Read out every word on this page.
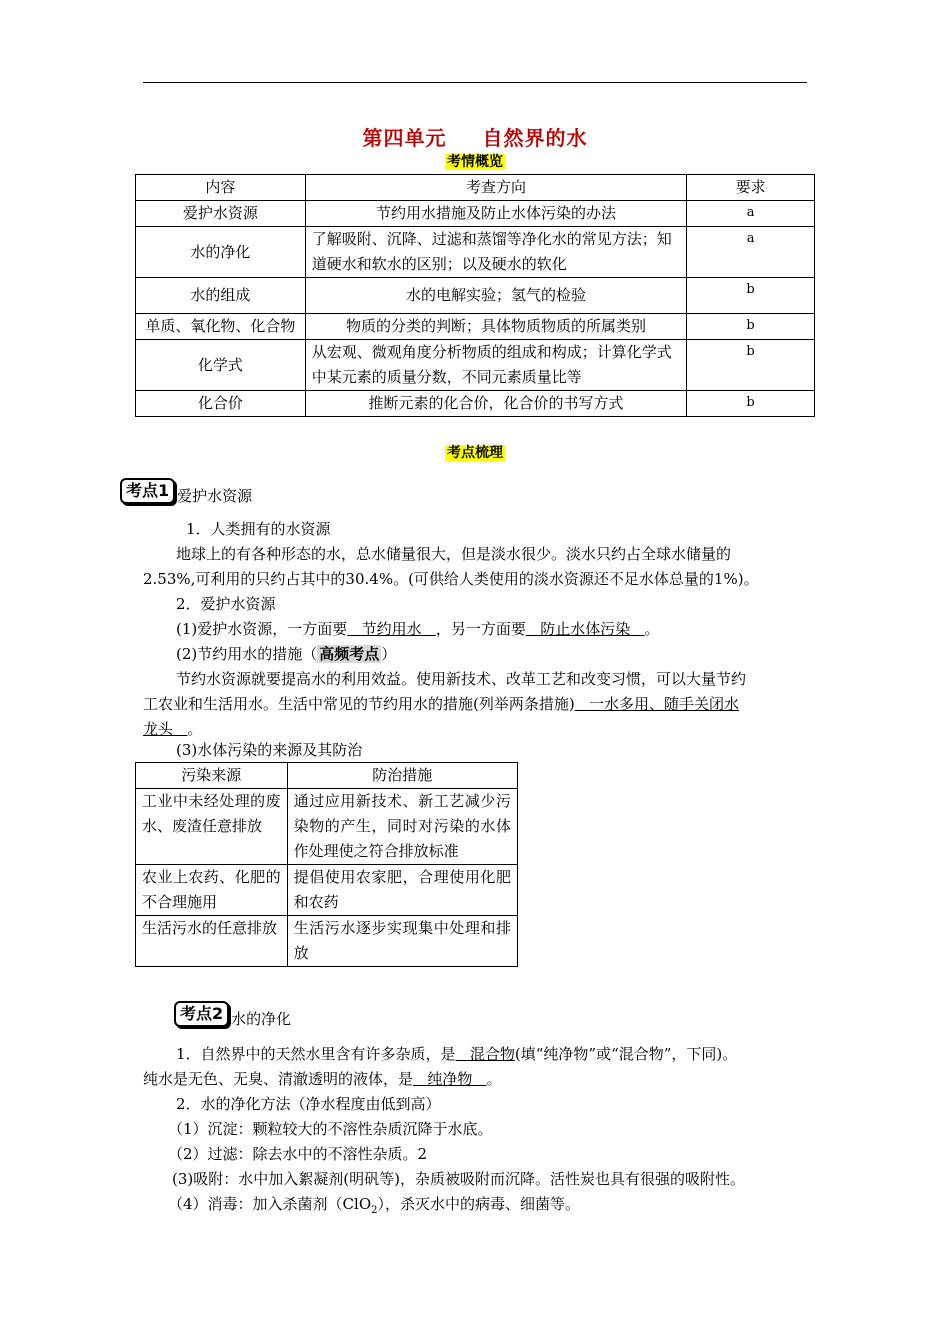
第四单元 自然界的水
考情概览
内容	考查方向	要求
爱护水资源	节约用水措施及防止水体污染的办法	a
水的净化	了解吸附、沉降、过滤和蒸馏等净化水的常见方法；知道硬水和软水的区别；以及硬水的软化	a
水的组成	水的电解实验；氢气的检验	b
单质、氧化物、化合物	物质的分类的判断；具体物质物质的所属类别	b
化学式	从宏观、微观角度分析物质的组成和构成；计算化学式中某元素的质量分数，不同元素质量比等	b
化合价	推断元素的化合价，化合价的书写方式	b
考点梳理
考点1 爱护水资源
1．人类拥有的水资源
地球上的有各种形态的水，总水储量很大，但是淡水很少。淡水只约占全球水储量的
2.53%,可利用的只约占其中的30.4%。(可供给人类使用的淡水资源还不足水体总量的1%)。
2．爱护水资源
(1)爱护水资源，一方面要 节约用水 ，另一方面要 防止水体污染 。
(2)节约用水的措施（ 高频考点 ）
节约水资源就要提高水的利用效益。使用新技术、改革工艺和改变习惯，可以大量节约
工农业和生活用水。生活中常见的节约用水的措施(列举两条措施) 一水多用、随手关闭水
龙头 。
(3)水体污染的来源及其防治
污染来源	防治措施
工业中未经处理的废水、废渣任意排放	通过应用新技术、新工艺减少污染物的产生，同时对污染的水体作处理使之符合排放标准
农业上农药、化肥的不合理施用	提倡使用农家肥，合理使用化肥和农药
生活污水的任意排放	生活污水逐步实现集中处理和排放
考点2 水的净化
1．自然界中的天然水里含有许多杂质，是 混合物(填“纯净物”或“混合物”，下同)。
纯水是无色、无臭、清澈透明的液体，是 纯净物 。
2．水的净化方法（净水程度由低到高）
（1）沉淀：颗粒较大的不溶性杂质沉降于水底。
（2）过滤：除去水中的不溶性杂质。2
(3)吸附：水中加入絮凝剂(明矾等)，杂质被吸附而沉降。活性炭也具有很强的吸附性。
（4）消毒：加入杀菌剂（ClO$_2$），杀灭水中的病毒、细菌等。
